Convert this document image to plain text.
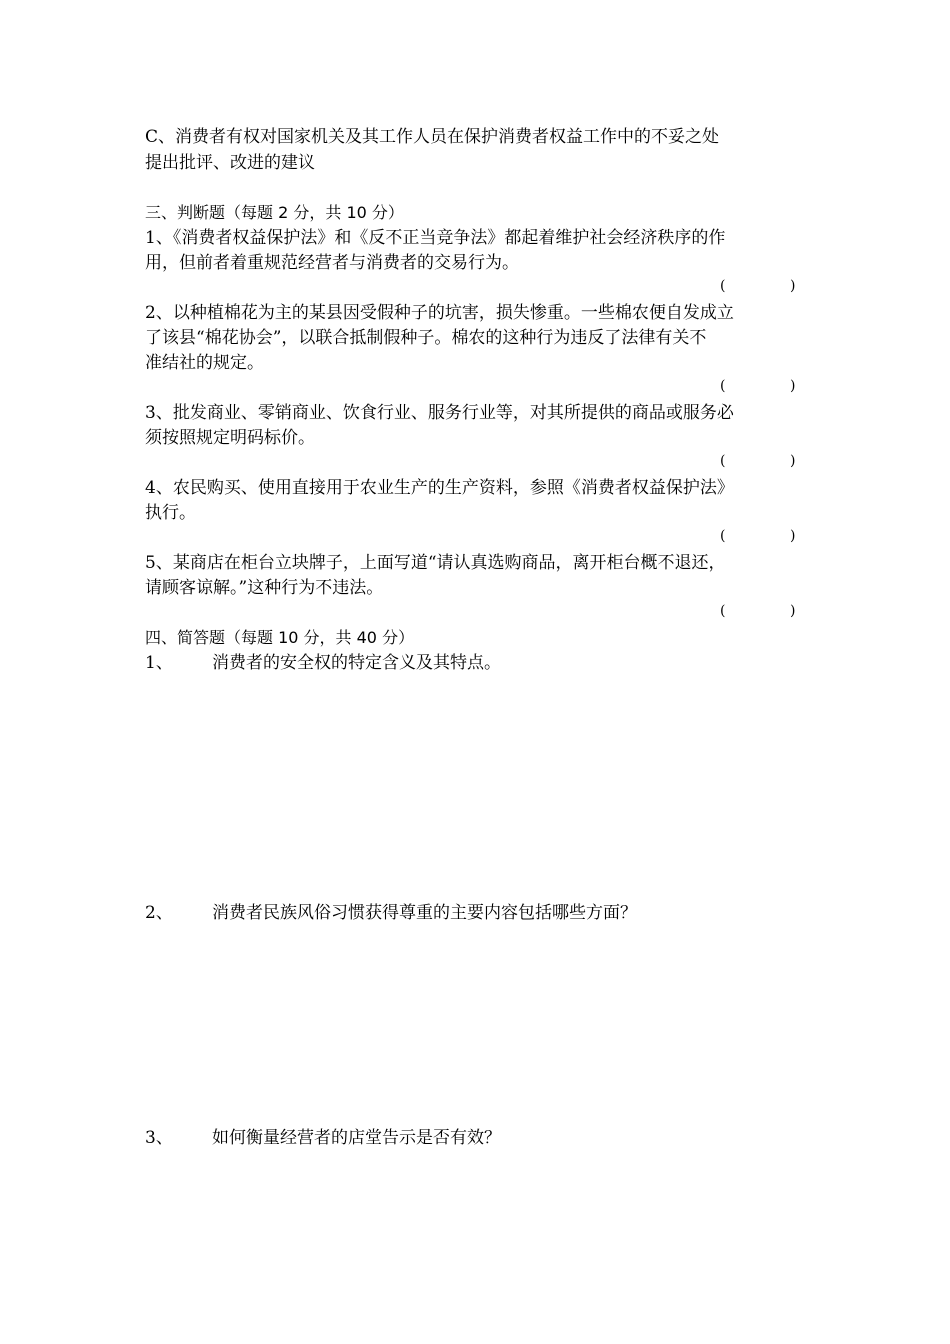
C、消费者有权对国家机关及其工作人员在保护消费者权益工作中的不妥之处
提出批评、改进的建议
三、判断题（每题 2 分，共 10 分）
1、《消费者权益保护法》和《反不正当竞争法》都起着维护社会经济秩序的作
用，但前者着重规范经营者与消费者的交易行为。
(	)
2、以种植棉花为主的某县因受假种子的坑害，损失惨重。一些棉农便自发成立
了该县“棉花协会”，以联合抵制假种子。棉农的这种行为违反了法律有关不
准结社的规定。
(	)
3、批发商业、零销商业、饮食行业、服务行业等，对其所提供的商品或服务必
须按照规定明码标价。
(	)
4、农民购买、使用直接用于农业生产的生产资料，参照《消费者权益保护法》
执行。
(	)
5、某商店在柜台立块牌子，上面写道“请认真选购商品，离开柜台概不退还，
请顾客谅解。”这种行为不违法。
(	)
四、简答题（每题 10 分，共 40 分）
1、 消费者的安全权的特定含义及其特点。
2、 消费者民族风俗习惯获得尊重的主要内容包括哪些方面？
3、 如何衡量经营者的店堂告示是否有效？
